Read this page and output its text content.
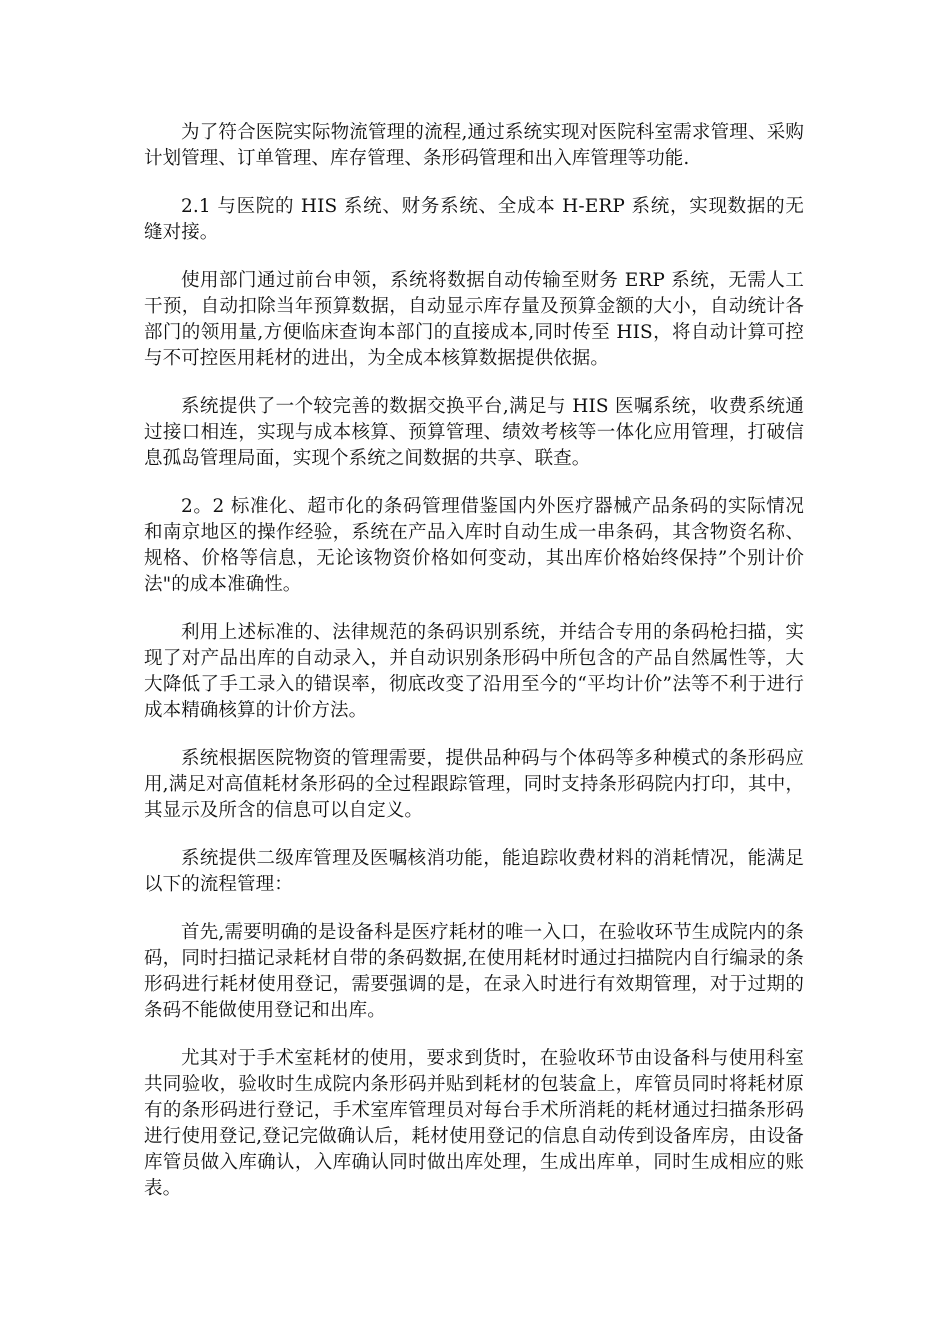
为了符合医院实际物流管理的流程,通过系统实现对医院科室需求管理、采购计划管理、订单管理、库存管理、条形码管理和出入库管理等功能.

2.1 与医院的 HIS 系统、财务系统、全成本 H-ERP 系统，实现数据的无缝对接。

使用部门通过前台申领，系统将数据自动传输至财务 ERP 系统，无需人工干预，自动扣除当年预算数据，自动显示库存量及预算金额的大小，自动统计各部门的领用量,方便临床查询本部门的直接成本,同时传至 HIS，将自动计算可控与不可控医用耗材的进出，为全成本核算数据提供依据。

系统提供了一个较完善的数据交换平台,满足与 HIS 医嘱系统，收费系统通过接口相连，实现与成本核算、预算管理、绩效考核等一体化应用管理，打破信息孤岛管理局面，实现个系统之间数据的共享、联查。

2。2 标准化、超市化的条码管理借鉴国内外医疗器械产品条码的实际情况和南京地区的操作经验，系统在产品入库时自动生成一串条码，其含物资名称、规格、价格等信息，无论该物资价格如何变动，其出库价格始终保持”个别计价法"的成本准确性。

利用上述标准的、法律规范的条码识别系统，并结合专用的条码枪扫描，实现了对产品出库的自动录入，并自动识别条形码中所包含的产品自然属性等，大大降低了手工录入的错误率，彻底改变了沿用至今的“平均计价”法等不利于进行成本精确核算的计价方法。

系统根据医院物资的管理需要，提供品种码与个体码等多种模式的条形码应用,满足对高值耗材条形码的全过程跟踪管理，同时支持条形码院内打印，其中，其显示及所含的信息可以自定义。

系统提供二级库管理及医嘱核消功能，能追踪收费材料的消耗情况，能满足以下的流程管理：

首先,需要明确的是设备科是医疗耗材的唯一入口，在验收环节生成院内的条码，同时扫描记录耗材自带的条码数据,在使用耗材时通过扫描院内自行编录的条形码进行耗材使用登记，需要强调的是，在录入时进行有效期管理，对于过期的条码不能做使用登记和出库。

尤其对于手术室耗材的使用，要求到货时，在验收环节由设备科与使用科室共同验收，验收时生成院内条形码并贴到耗材的包装盒上，库管员同时将耗材原有的条形码进行登记，手术室库管理员对每台手术所消耗的耗材通过扫描条形码进行使用登记,登记完做确认后，耗材使用登记的信息自动传到设备库房，由设备库管员做入库确认，入库确认同时做出库处理，生成出库单，同时生成相应的账表。
